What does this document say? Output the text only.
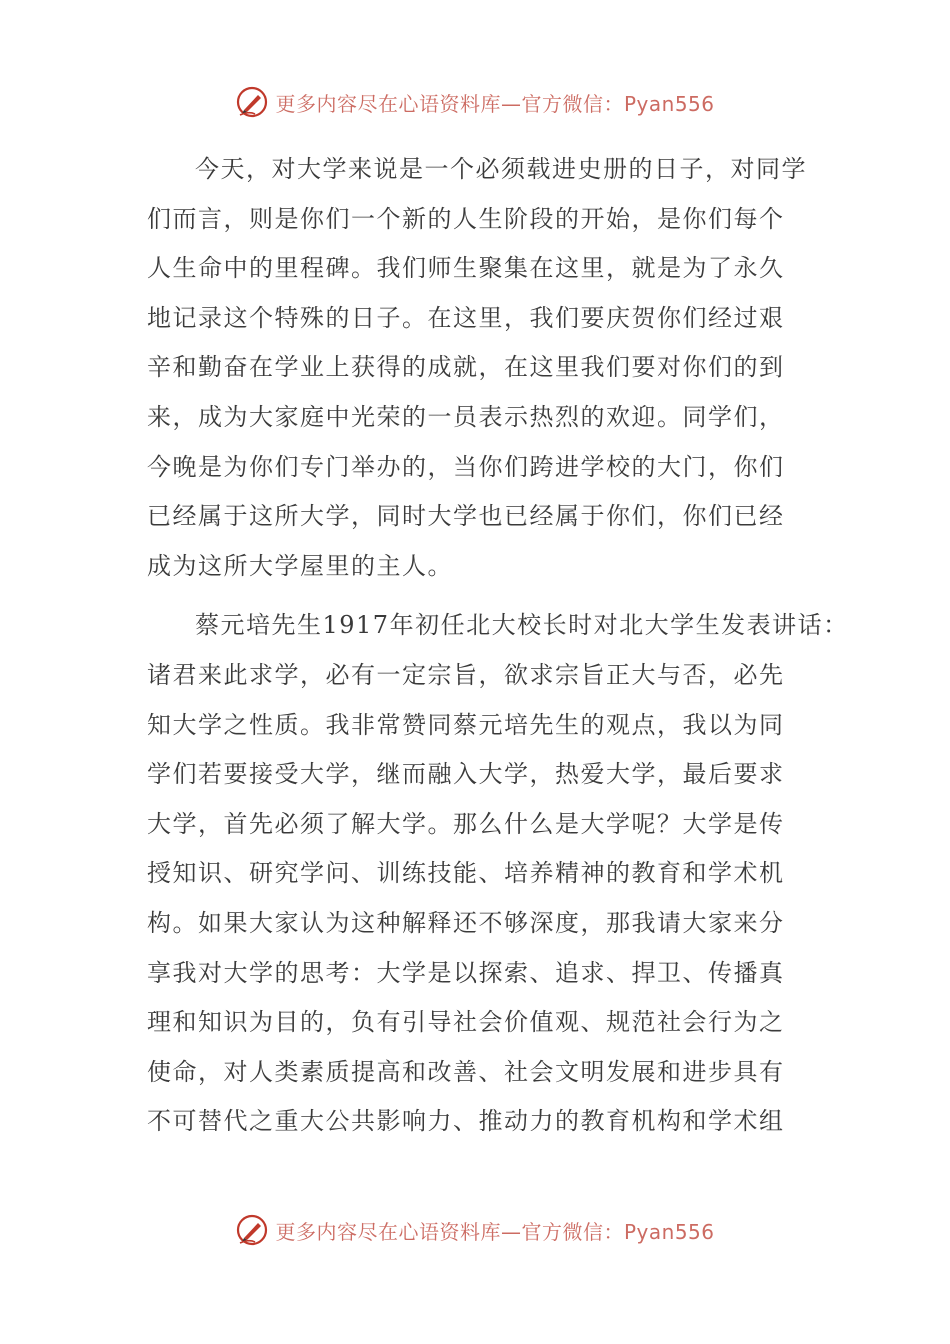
更多内容尽在心语资料库—官方微信：Pyan556

今天，对大学来说是一个必须载进史册的日子，对同学
们而言，则是你们一个新的人生阶段的开始，是你们每个
人生命中的里程碑。我们师生聚集在这里，就是为了永久
地记录这个特殊的日子。在这里，我们要庆贺你们经过艰
辛和勤奋在学业上获得的成就，在这里我们要对你们的到
来，成为大家庭中光荣的一员表示热烈的欢迎。同学们，
今晚是为你们专门举办的，当你们跨进学校的大门，你们
已经属于这所大学，同时大学也已经属于你们，你们已经
成为这所大学屋里的主人。

蔡元培先生1917年初任北大校长时对北大学生发表讲话：
诸君来此求学，必有一定宗旨，欲求宗旨正大与否，必先
知大学之性质。我非常赞同蔡元培先生的观点，我以为同
学们若要接受大学，继而融入大学，热爱大学，最后要求
大学，首先必须了解大学。那么什么是大学呢？大学是传
授知识、研究学问、训练技能、培养精神的教育和学术机
构。如果大家认为这种解释还不够深度，那我请大家来分
享我对大学的思考：大学是以探索、追求、捍卫、传播真
理和知识为目的，负有引导社会价值观、规范社会行为之
使命，对人类素质提高和改善、社会文明发展和进步具有
不可替代之重大公共影响力、推动力的教育机构和学术组

更多内容尽在心语资料库—官方微信：Pyan556
